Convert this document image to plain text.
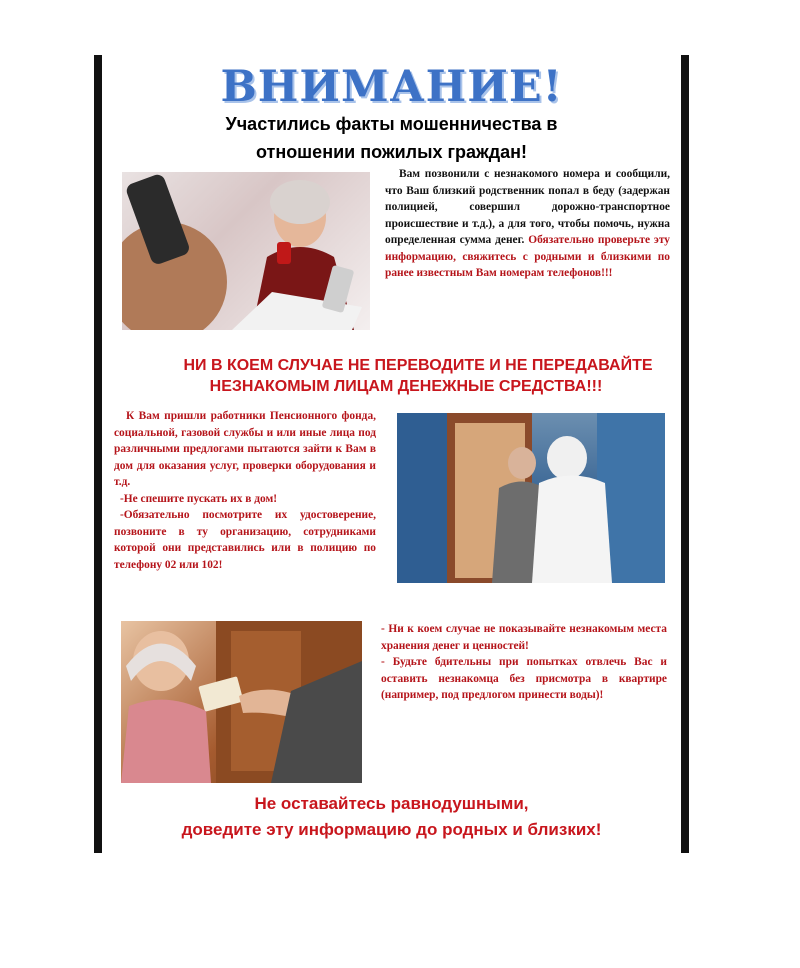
ВНИМАНИЕ!
Участились факты мошенничества в
отношении пожилых граждан!
Вам позвонили с незнакомого номера и сообщили, что Ваш близкий родственник попал в беду (задержан полицией, совершил дорожно-транспортное происшествие и т.д.), а для того, чтобы помочь, нужна определенная сумма денег. Обязательно проверьте эту информацию, свяжитесь с родными и близкими по ранее известным Вам номерам телефонов!!!
НИ В КОЕМ СЛУЧАЕ НЕ ПЕРЕВОДИТЕ И НЕ ПЕРЕДАВАЙТЕ
НЕЗНАКОМЫМ ЛИЦАМ ДЕНЕЖНЫЕ СРЕДСТВА!!!

К Вам пришли работники Пенсионного фонда, социальной, газовой службы и или иные лица под различными предлогами пытаются зайти к Вам в дом для оказания услуг, проверки оборудования и т.д.

-Не спешите пускать их в дом!

-Обязательно посмотрите их удостоверение, позвоните в ту организацию, сотрудниками которой они представились или в полицию по телефону 02 или 102!

- Ни к коем случае не показывайте незнакомым места хранения денег и ценностей!

- Будьте бдительны при попытках отвлечь Вас и оставить незнакомца без присмотра в квартире (например, под предлогом принести воды)!

Не оставайтесь равнодушными,
доведите эту информацию до родных и близких!
